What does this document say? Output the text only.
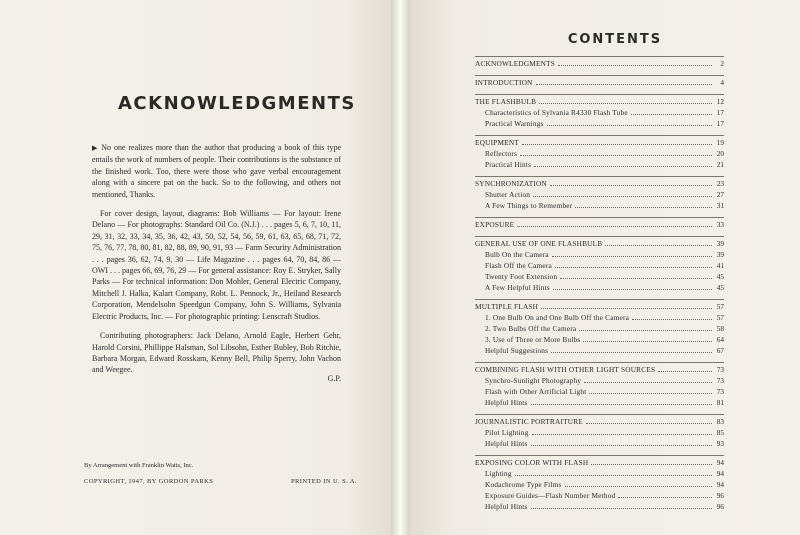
ACKNOWLEDGMENTS

▶ No one realizes more than the author that producing a book of this type entails the work of numbers of people. Their contributions is the substance of the finished work. Too, there were those who gave verbal encouragement along with a sincere pat on the back. So to the following, and others not mentioned, Thanks.

For cover design, layout, diagrams: Bob Williams — For layout: Irene Delano — For photographs: Standard Oil Co. (N.J.) . . . pages 5, 6, 7, 10, 11, 29, 31, 32, 33, 34, 35, 36, 42, 43, 50, 52, 54, 56, 59, 61, 63, 65, 68, 71, 72, 75, 76, 77, 78, 80, 81, 82, 88, 89, 90, 91, 93 — Farm Security Administration . . . pages 36, 62, 74, 9, 30 — Life Magazine . . . pages 64, 70, 84, 86 — OWI . . . pages 66, 69, 76, 29 — For general assistance: Roy E. Stryker, Sally Parks — For technical information: Don Mohler, General Electric Company, Mitchell J. Halka, Kalart Company, Robt. L. Pennock, Jr., Heiland Research Corporation, Mendelsohn Speedgun Company, John S. Williams, Sylvania Electric Products, Inc. — For photographic printing: Lenscraft Studios.

Contributing photographers: Jack Delano, Arnold Eagle, Herbert Gehr, Harold Corsini, Phillippe Halsman, Sol Libsohn, Esther Bubley, Bob Ritchie, Barbara Morgan, Edward Rosskam, Kenny Bell, Philip Sperry, John Vachon and Weegee.

G.P.

By Arrangement with Franklin Watts, Inc.
COPYRIGHT, 1947, BY GORDON PARKS	PRINTED IN U. S. A.
CONTENTS
ACKNOWLEDGMENTS	2
INTRODUCTION	4
THE FLASHBULB	12
Characteristics of Sylvania R4330 Flash Tube	17
Practical Warnings	17
EQUIPMENT	19
Reflectors	20
Practical Hints	21
SYNCHRONIZATION	23
Shutter Action	27
A Few Things to Remember	31
EXPOSURE	33
GENERAL USE OF ONE FLASHBULB	39
Bulb On the Camera	39
Flash Off the Camera	41
Twenty Foot Extension	45
A Few Helpful Hints	45
MULTIPLE FLASH	57
1. One Bulb On and One Bulb Off the Camera	57
2. Two Bulbs Off the Camera	58
3. Use of Three or More Bulbs	64
Helpful Suggestions	67
COMBINING FLASH WITH OTHER LIGHT SOURCES	73
Synchro-Sunlight Photography	73
Flash with Other Artificial Light	73
Helpful Hints	81
JOURNALISTIC PORTRAITURE	83
Pilot Lighting	85
Helpful Hints	93
EXPOSING COLOR WITH FLASH	94
Lighting	94
Kodachrome Type Films	94
Exposure Guides—Flash Number Method	96
Helpful Hints	96
